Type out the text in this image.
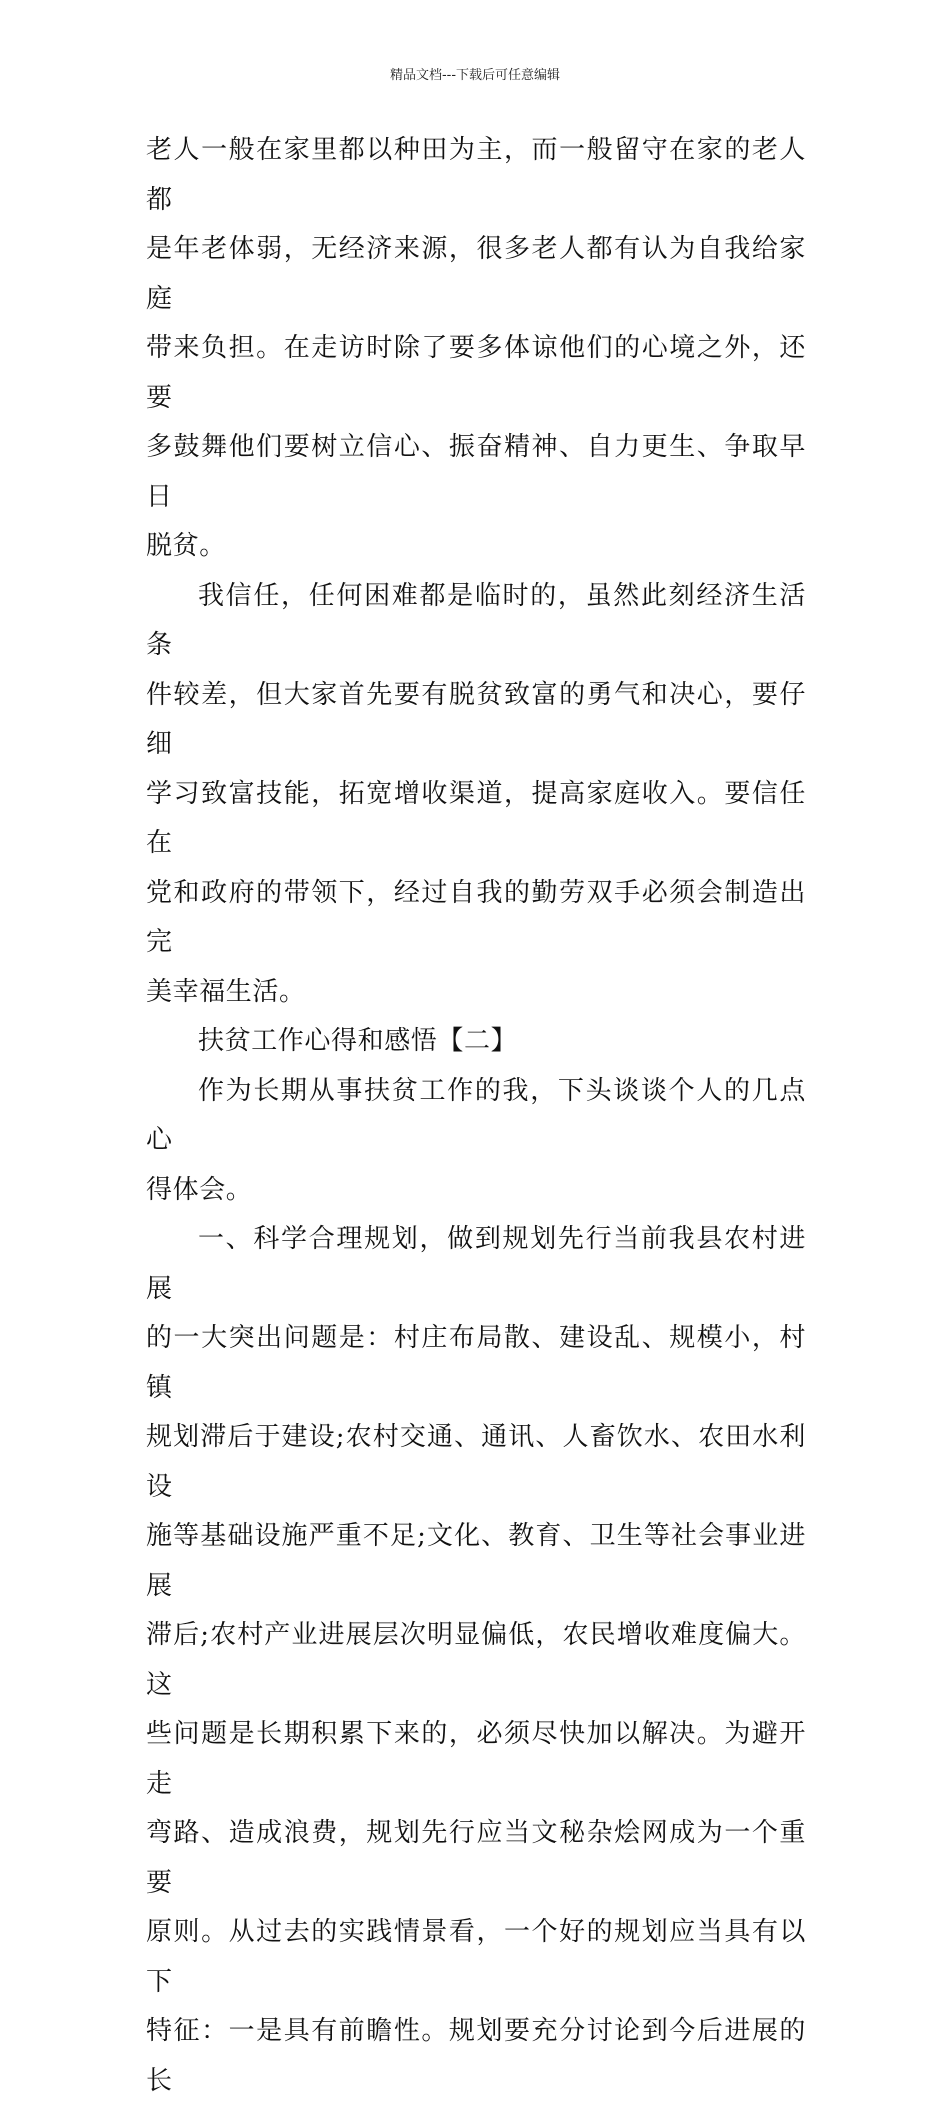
精品文档---下载后可任意编辑

老人一般在家里都以种田为主，而一般留守在家的老人都
是年老体弱，无经济来源，很多老人都有认为自我给家庭
带来负担。在走访时除了要多体谅他们的心境之外，还要
多鼓舞他们要树立信心、振奋精神、自力更生、争取早日
脱贫。

我信任，任何困难都是临时的，虽然此刻经济生活条
件较差，但大家首先要有脱贫致富的勇气和决心，要仔细
学习致富技能，拓宽增收渠道，提高家庭收入。要信任在
党和政府的带领下，经过自我的勤劳双手必须会制造出完
美幸福生活。

扶贫工作心得和感悟【二】

作为长期从事扶贫工作的我，下头谈谈个人的几点心
得体会。

一、科学合理规划，做到规划先行当前我县农村进展
的一大突出问题是：村庄布局散、建设乱、规模小，村镇
规划滞后于建设;农村交通、通讯、人畜饮水、农田水利设
施等基础设施严重不足;文化、教育、卫生等社会事业进展
滞后;农村产业进展层次明显偏低，农民增收难度偏大。这
些问题是长期积累下来的，必须尽快加以解决。为避开走
弯路、造成浪费，规划先行应当文秘杂烩网成为一个重要
原则。从过去的实践情景看，一个好的规划应当具有以下
特征：一是具有前瞻性。规划要充分讨论到今后进展的长
